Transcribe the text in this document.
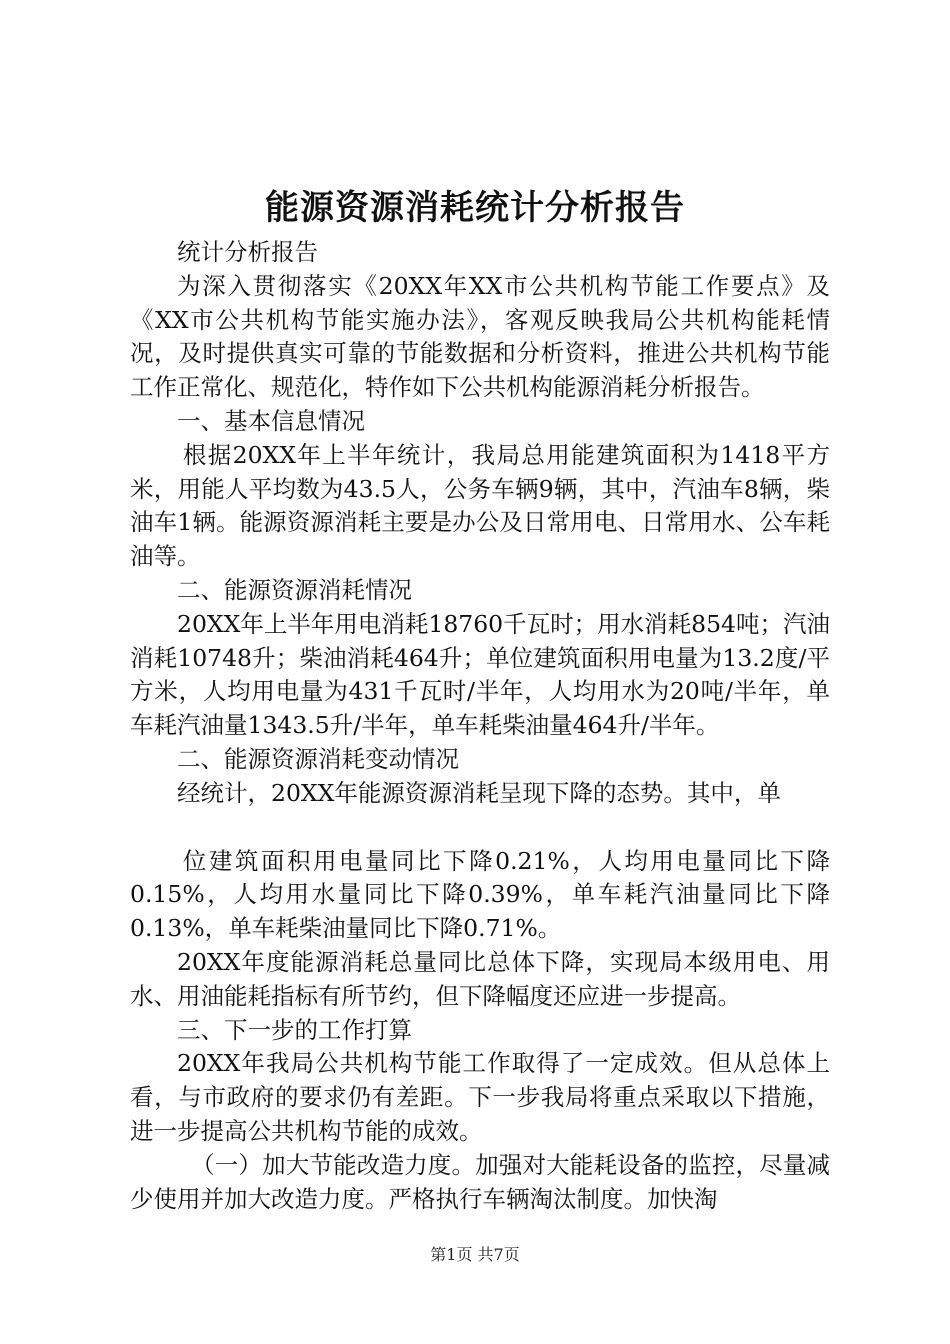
能源资源消耗统计分析报告

统计分析报告

为深入贯彻落实《20XX年XX市公共机构节能工作要点》及《XX市公共机构节能实施办法》，客观反映我局公共机构能耗情况，及时提供真实可靠的节能数据和分析资料，推进公共机构节能工作正常化、规范化，特作如下公共机构能源消耗分析报告。

一、基本信息情况

根据20XX年上半年统计，我局总用能建筑面积为1418平方米，用能人平均数为43.5人，公务车辆9辆，其中，汽油车8辆，柴油车1辆。能源资源消耗主要是办公及日常用电、日常用水、公车耗油等。

二、能源资源消耗情况

20XX年上半年用电消耗18760千瓦时；用水消耗854吨；汽油消耗10748升；柴油消耗464升；单位建筑面积用电量为13.2度/平方米，人均用电量为431千瓦时/半年，人均用水为20吨/半年，单车耗汽油量1343.5升/半年，单车耗柴油量464升/半年。

二、能源资源消耗变动情况

经统计，20XX年能源资源消耗呈现下降的态势。其中，单

位建筑面积用电量同比下降0.21%，人均用电量同比下降0.15%，人均用水量同比下降0.39%，单车耗汽油量同比下降0.13%，单车耗柴油量同比下降0.71%。

20XX年度能源消耗总量同比总体下降，实现局本级用电、用水、用油能耗指标有所节约，但下降幅度还应进一步提高。

三、下一步的工作打算

20XX年我局公共机构节能工作取得了一定成效。但从总体上看，与市政府的要求仍有差距。下一步我局将重点采取以下措施，进一步提高公共机构节能的成效。

（一）加大节能改造力度。加强对大能耗设备的监控，尽量减少使用并加大改造力度。严格执行车辆淘汰制度。加快淘

第1页 共7页
